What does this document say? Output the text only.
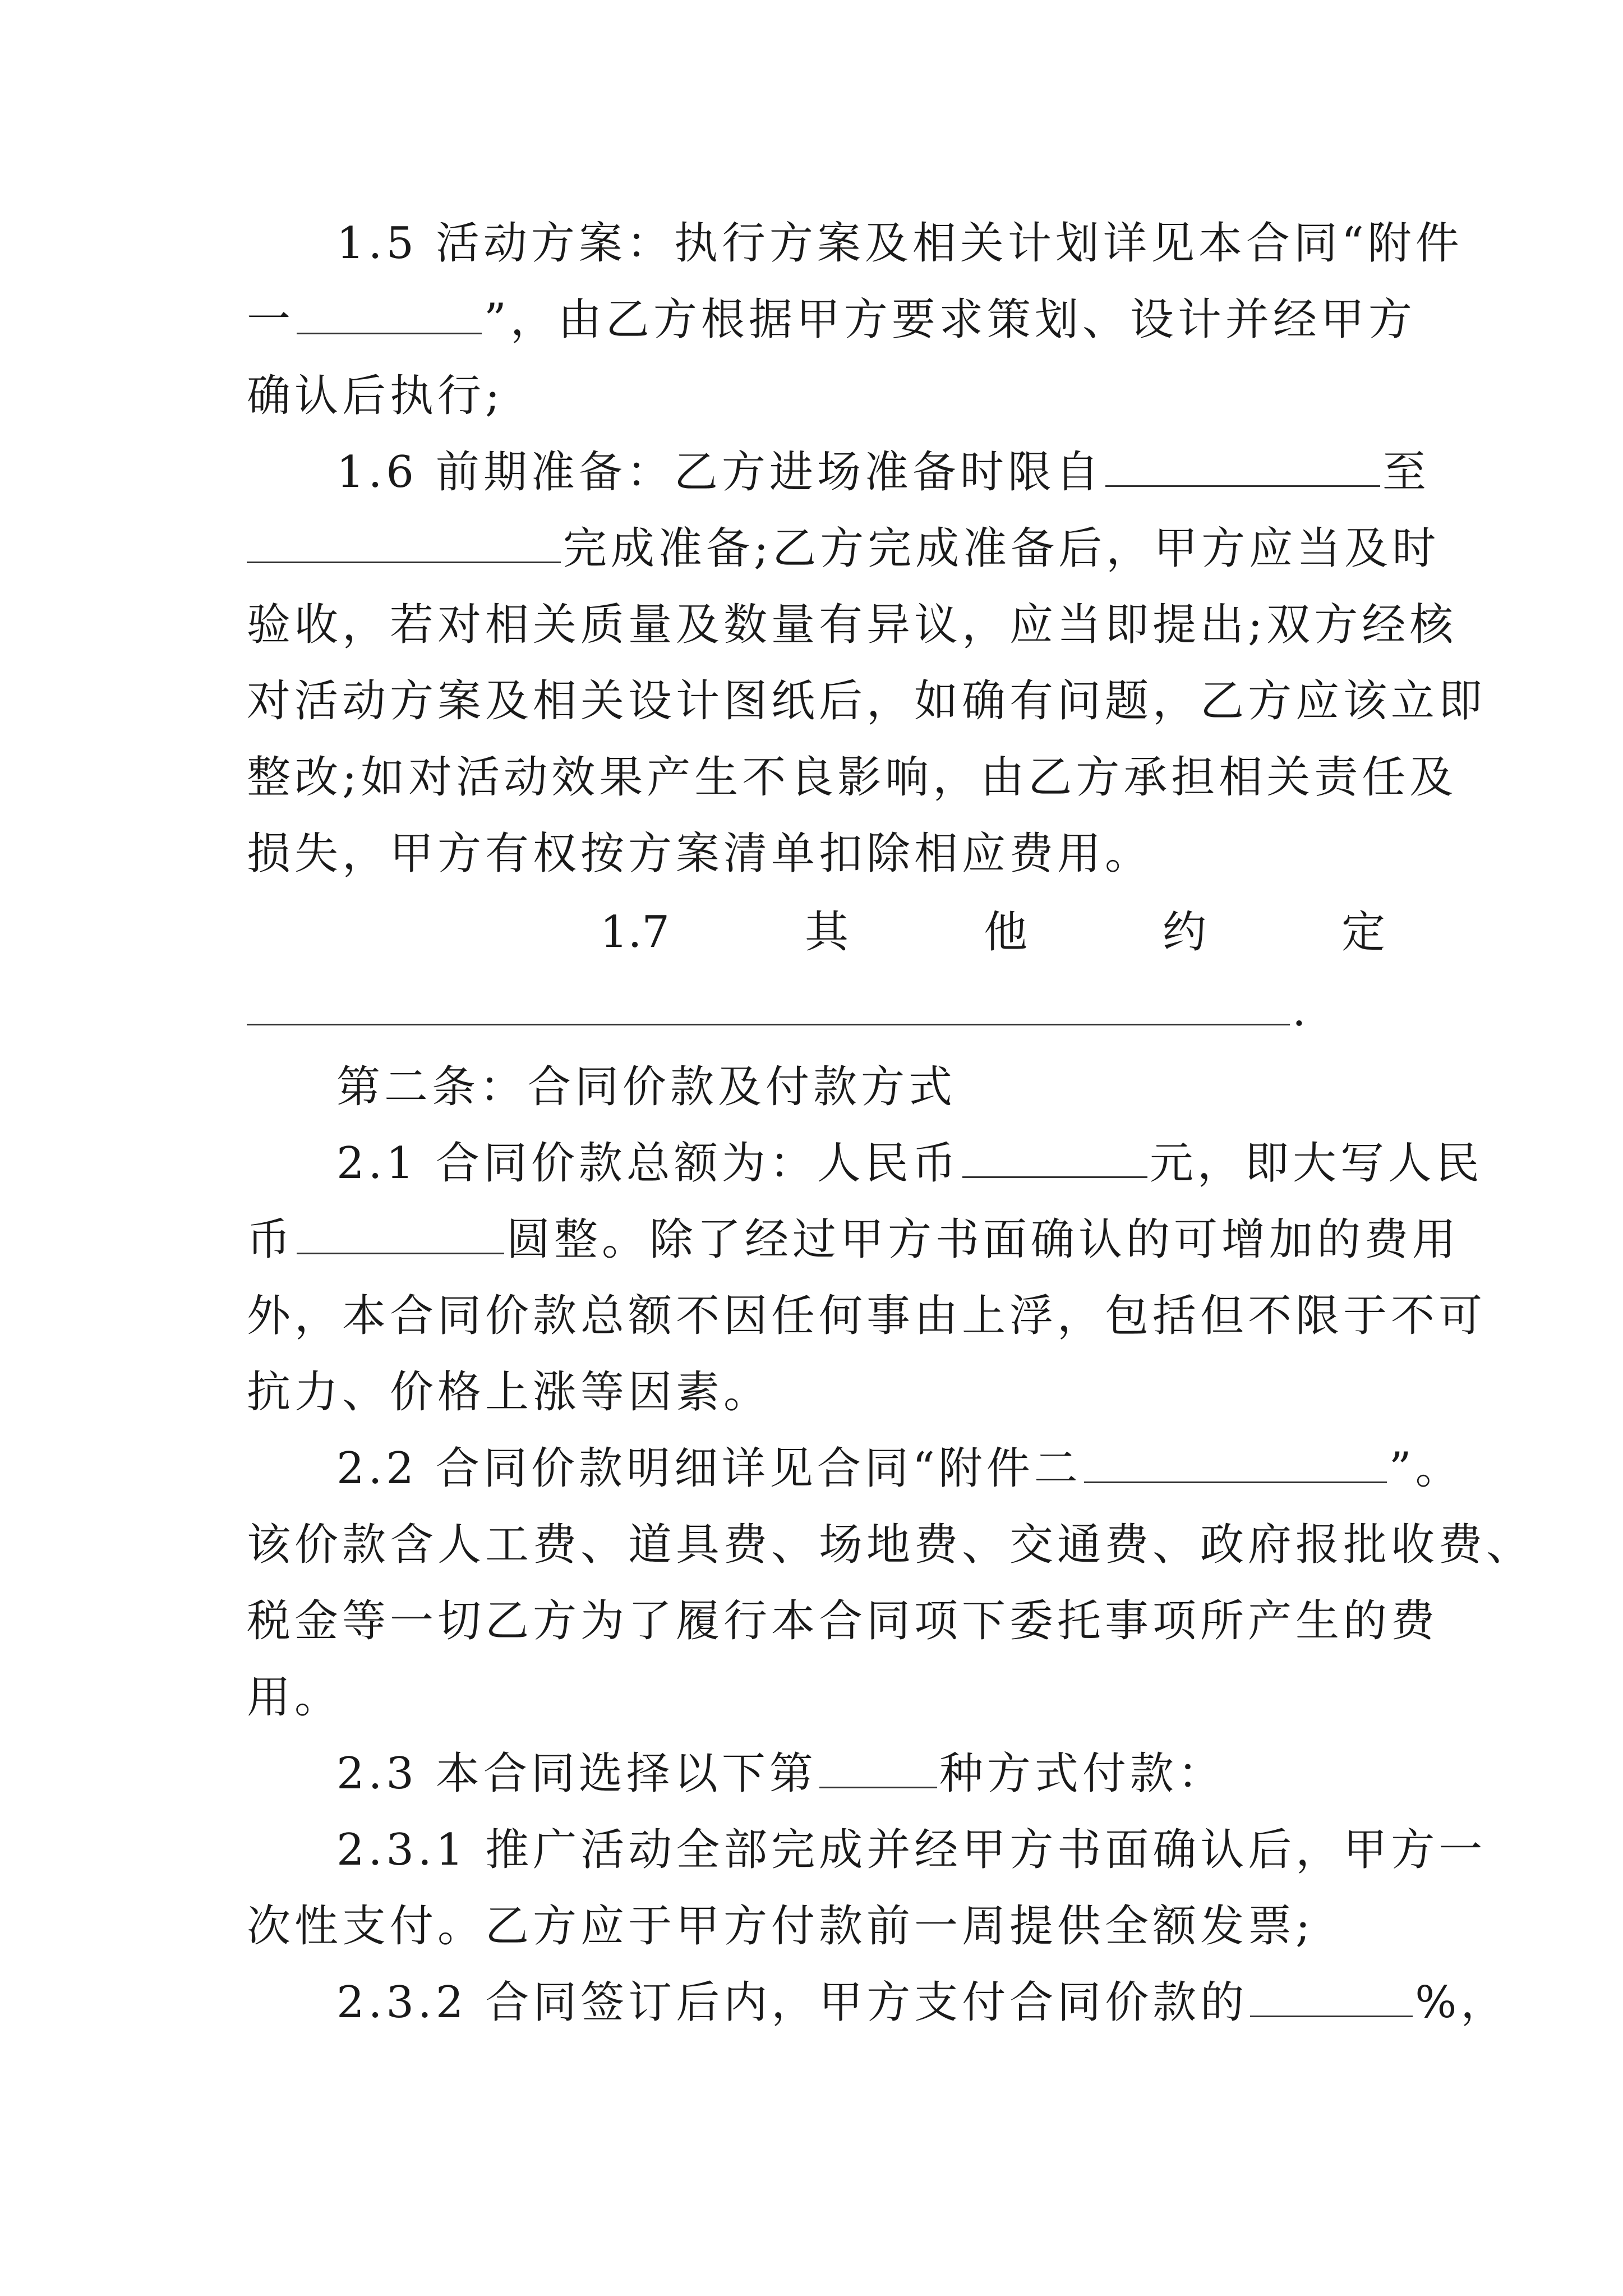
1.5 活动方案：执行方案及相关计划详见本合同“附件
一	”，由乙方根据甲方要求策划、设计并经甲方
确认后执行;
1.6 前期准备：乙方进场准备时限自	至
完成准备;乙方完成准备后，甲方应当及时
验收，若对相关质量及数量有异议，应当即提出;双方经核
对活动方案及相关设计图纸后，如确有问题，乙方应该立即
整改;如对活动效果产生不良影响，由乙方承担相关责任及
损失，甲方有权按方案清单扣除相应费用。
1.7	其	他	约	定
.
第二条：合同价款及付款方式
2.1 合同价款总额为：人民币	元，即大写人民
币	圆整。除了经过甲方书面确认的可增加的费用
外，本合同价款总额不因任何事由上浮，包括但不限于不可
抗力、价格上涨等因素。
2.2 合同价款明细详见合同“附件二	”。
该价款含人工费、道具费、场地费、交通费、政府报批收费、
税金等一切乙方为了履行本合同项下委托事项所产生的费
用。
2.3 本合同选择以下第	种方式付款：
2.3.1 推广活动全部完成并经甲方书面确认后，甲方一
次性支付。乙方应于甲方付款前一周提供全额发票;
2.3.2 合同签订后内，甲方支付合同价款的	%，
